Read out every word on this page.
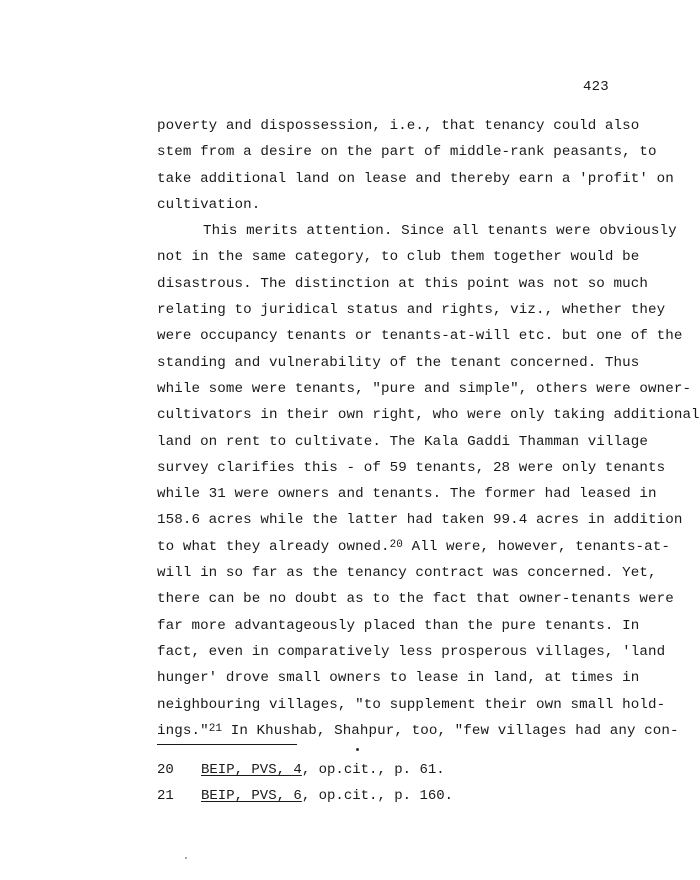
423
poverty and dispossession, i.e., that tenancy could also
stem from a desire on the part of middle-rank peasants, to
take additional land on lease and thereby earn a 'profit' on
cultivation.
This merits attention. Since all tenants were obviously
not in the same category, to club them together would be
disastrous. The distinction at this point was not so much
relating to juridical status and rights, viz., whether they
were occupancy tenants or tenants-at-will etc. but one of the
standing and vulnerability of the tenant concerned. Thus
while some were tenants, "pure and simple", others were owner-
cultivators in their own right, who were only taking additional
land on rent to cultivate. The Kala Gaddi Thamman village
survey clarifies this - of 59 tenants, 28 were only tenants
while 31 were owners and tenants. The former had leased in
158.6 acres while the latter had taken 99.4 acres in addition
to what they already owned.$^{20}$ All were, however, tenants-at-
will in so far as the tenancy contract was concerned. Yet,
there can be no doubt as to the fact that owner-tenants were
far more advantageously placed than the pure tenants. In
fact, even in comparatively less prosperous villages, 'land
hunger' drove small owners to lease in land, at times in
neighbouring villages, "to supplement their own small hold-
ings."$^{21}$ In Khushab, Shahpur, too, "few villages had any con-
20 BEIP, PVS, 4, op.cit., p. 61.
21 BEIP, PVS, 6, op.cit., p. 160.
